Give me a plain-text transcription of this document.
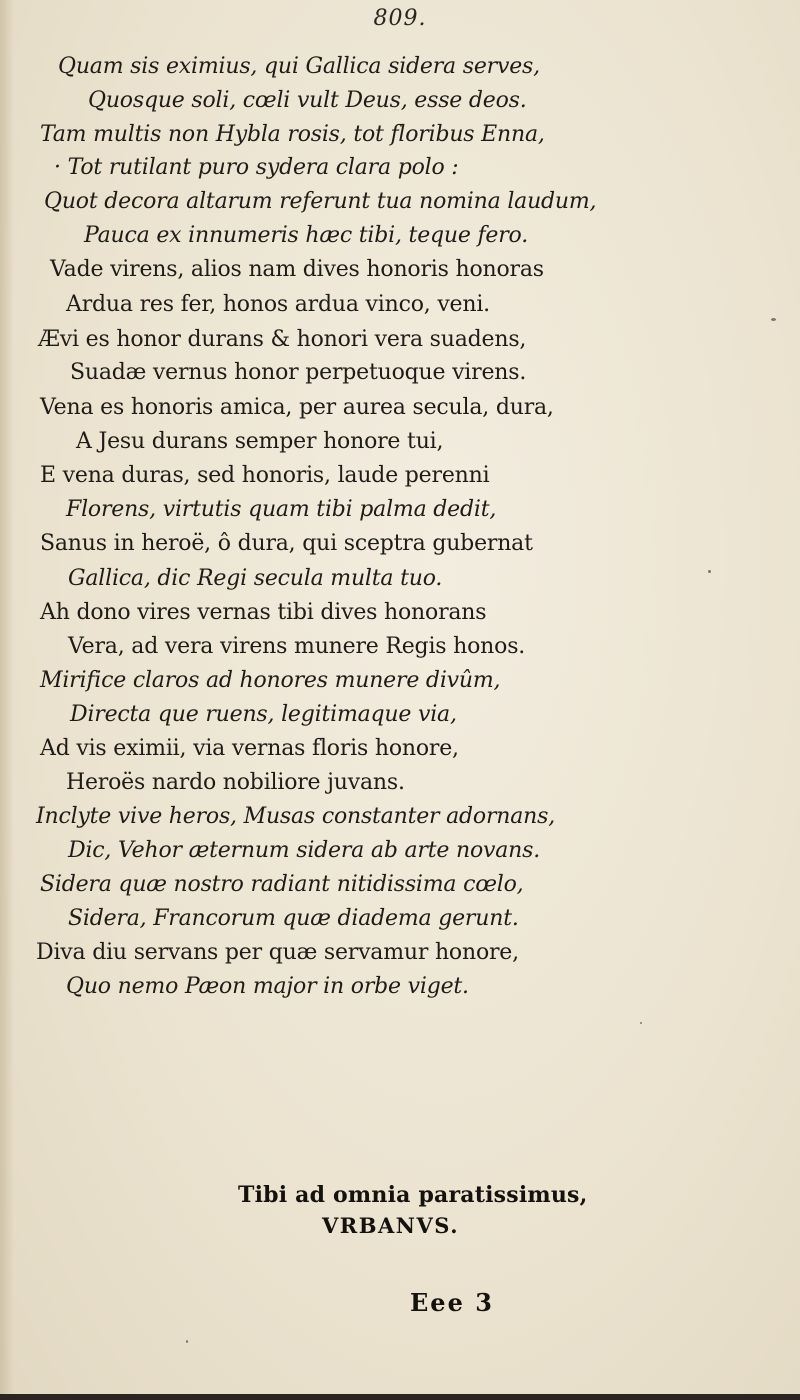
809.
Quam sis eximius, qui Gallica sidera serves,
Quosque soli, cœli vult Deus, esse deos.
Tam multis non Hybla rosis, tot floribus Enna,
· Tot rutilant puro sydera clara polo :
Quot decora altarum referunt tua nomina laudum,
Pauca ex innumeris hæc tibi, teque fero.
Vade virens, alios nam dives honoris honoras
Ardua res fer, honos ardua vinco, veni.
Ævi es honor durans & honori vera suadens,
Suadæ vernus honor perpetuoque virens.
Vena es honoris amica, per aurea secula, dura,
A Jesu durans semper honore tui,
E vena duras, sed honoris, laude perenni
Florens, virtutis quam tibi palma dedit,
Sanus in heroë, ô dura, qui sceptra gubernat
Gallica, dic Regi secula multa tuo.
Ah dono vires vernas tibi dives honorans
Vera, ad vera virens munere Regis honos.
Mirifice claros ad honores munere divûm,
Directa que ruens, legitimaque via,
Ad vis eximii, via vernas floris honore,
Heroës nardo nobiliore juvans.
Inclyte vive heros, Musas constanter adornans,
Dic, Vehor æternum sidera ab arte novans.
Sidera quæ nostro radiant nitidissima cœlo,
Sidera, Francorum quæ diadema gerunt.
Diva diu servans per quæ servamur honore,
Quo nemo Pæon major in orbe viget.
Tibi ad omnia paratissimus,
VRBANVS.
Eee 3
